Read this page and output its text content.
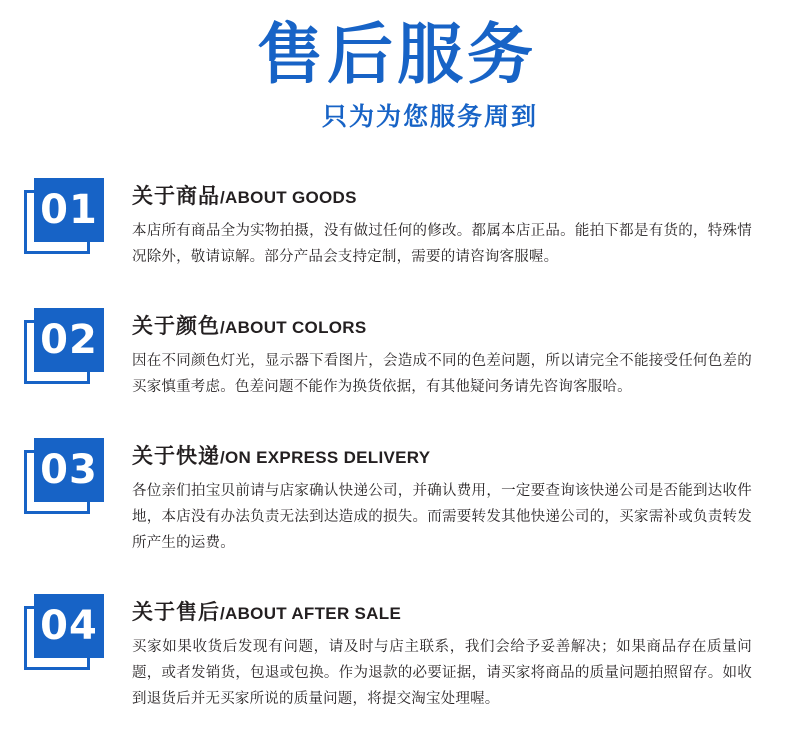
售后服务
只为为您服务周到
01 关于商品/ABOUT GOODS
本店所有商品全为实物拍摄，没有做过任何的修改。都属本店正品。能拍下都是有货的，特殊情况除外，敬请谅解。部分产品会支持定制，需要的请咨询客服喔。
02 关于颜色/ABOUT COLORS
因在不同颜色灯光，显示器下看图片，会造成不同的色差问题，所以请完全不能接受任何色差的买家慎重考虑。色差问题不能作为换货依据，有其他疑问务请先咨询客服哈。
03 关于快递/ON EXPRESS DELIVERY
各位亲们拍宝贝前请与店家确认快递公司，并确认费用，一定要查询该快递公司是否能到达收件地，本店没有办法负责无法到达造成的损失。而需要转发其他快递公司的，买家需补或负责转发所产生的运费。
04 关于售后/ABOUT AFTER SALE
买家如果收货后发现有问题，请及时与店主联系，我们会给予妥善解决；如果商品存在质量问题，或者发销货，包退或包换。作为退款的必要证据，请买家将商品的质量问题拍照留存。如收到退货后并无买家所说的质量问题，将提交淘宝处理喔。
